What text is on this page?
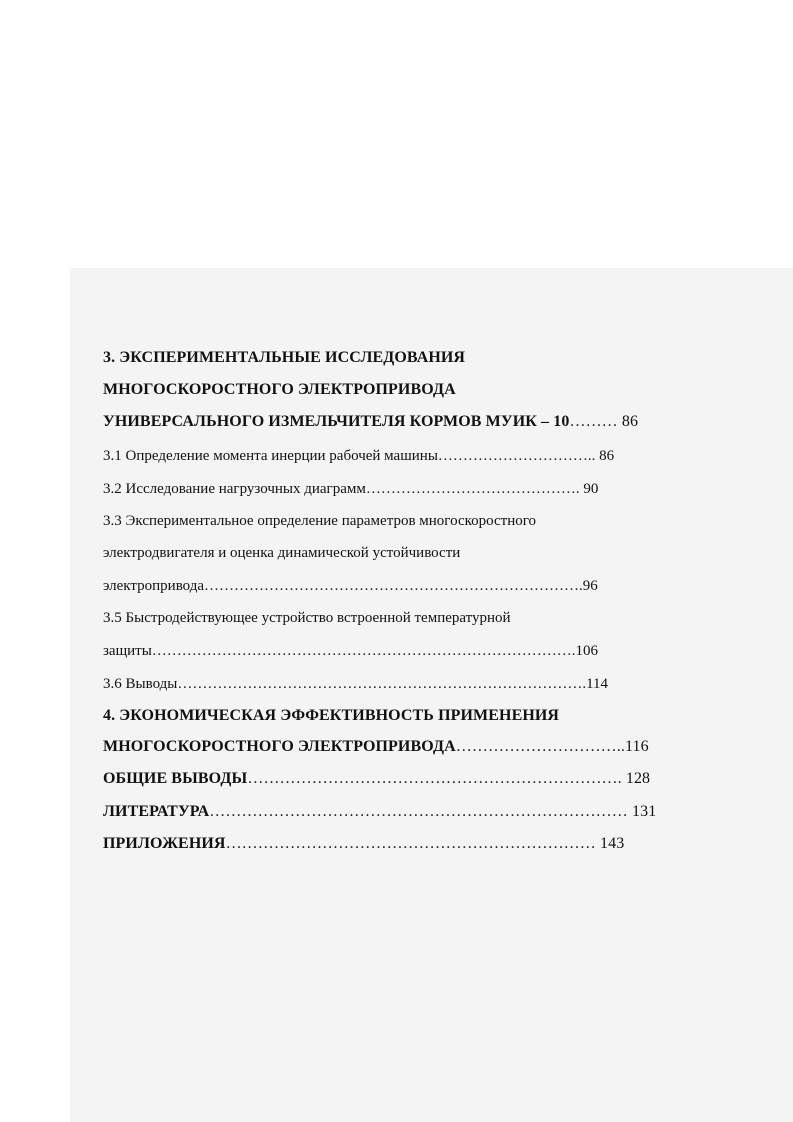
3. ЭКСПЕРИМЕНТАЛЬНЫЕ ИССЛЕДОВАНИЯ
МНОГОСКОРОСТНОГО ЭЛЕКТРОПРИВОДА
УНИВЕРСАЛЬНОГО ИЗМЕЛЬЧИТЕЛЯ КОРМОВ МУИК – 10……… 86
3.1 Определение момента инерции рабочей машины………………………….. 86
3.2 Исследование нагрузочных диаграмм……………………………………. 90
3.3 Экспериментальное определение параметров многоскоростного
электродвигателя и оценка динамической устойчивости
электропривода………………………………………………………………….96
3.5 Быстродействующее устройство встроенной температурной
защиты………………………………………………………………………….106
3.6 Выводы……………………………………………………………………….114
4. ЭКОНОМИЧЕСКАЯ ЭФФЕКТИВНОСТЬ ПРИМЕНЕНИЯ
МНОГОСКОРОСТНОГО ЭЛЕКТРОПРИВОДА…………………………..116
ОБЩИЕ ВЫВОДЫ……………………………………………………………. 128
ЛИТЕРАТУРА…………………………………………………………………… 131
ПРИЛОЖЕНИЯ…………………………………………………………… 143
